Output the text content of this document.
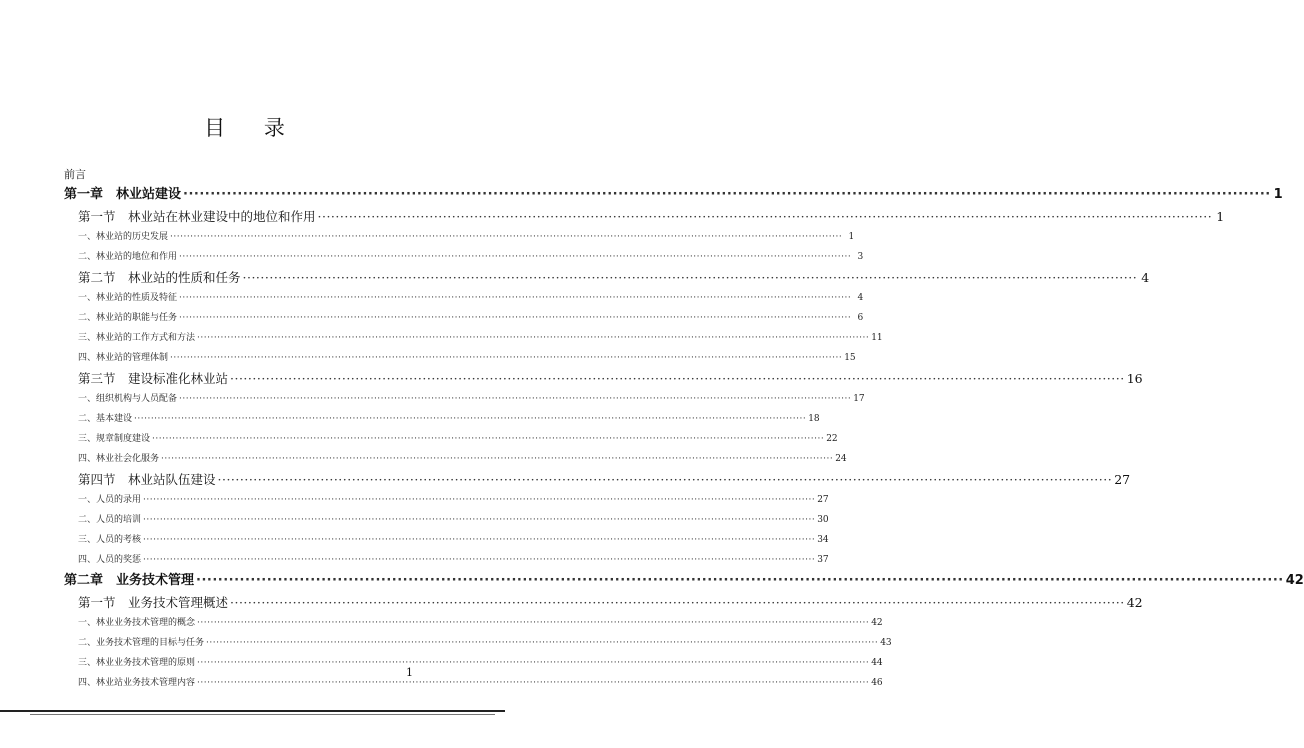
目 录
前言
第一章　林业站建设 ········································································································································································································ 1
第一节　林业站在林业建设中的地位和作用 ········································································································································································································ 1
一、林业站的历史发展 ········································································································································································································ 1
二、林业站的地位和作用 ········································································································································································································ 3
第二节　林业站的性质和任务 ········································································································································································································ 4
一、林业站的性质及特征 ········································································································································································································ 4
二、林业站的职能与任务 ········································································································································································································ 6
三、林业站的工作方式和方法 ········································································································································································································ 11
四、林业站的管理体制 ········································································································································································································ 15
第三节　建设标准化林业站 ········································································································································································································ 16
一、组织机构与人员配备 ········································································································································································································ 17
二、基本建设 ········································································································································································································ 18
三、规章制度建设 ········································································································································································································ 22
四、林业社会化服务 ········································································································································································································ 24
第四节　林业站队伍建设 ········································································································································································································ 27
一、人员的录用 ········································································································································································································ 27
二、人员的培训 ········································································································································································································ 30
三、人员的考核 ········································································································································································································ 34
四、人员的奖惩 ········································································································································································································ 37
第二章　业务技术管理 ········································································································································································································ 42
第一节　业务技术管理概述 ········································································································································································································ 42
一、林业业务技术管理的概念 ········································································································································································································ 42
二、业务技术管理的目标与任务 ········································································································································································································ 43
三、林业业务技术管理的原则 ········································································································································································································ 44
四、林业站业务技术管理内容 ········································································································································································································ 46
1
